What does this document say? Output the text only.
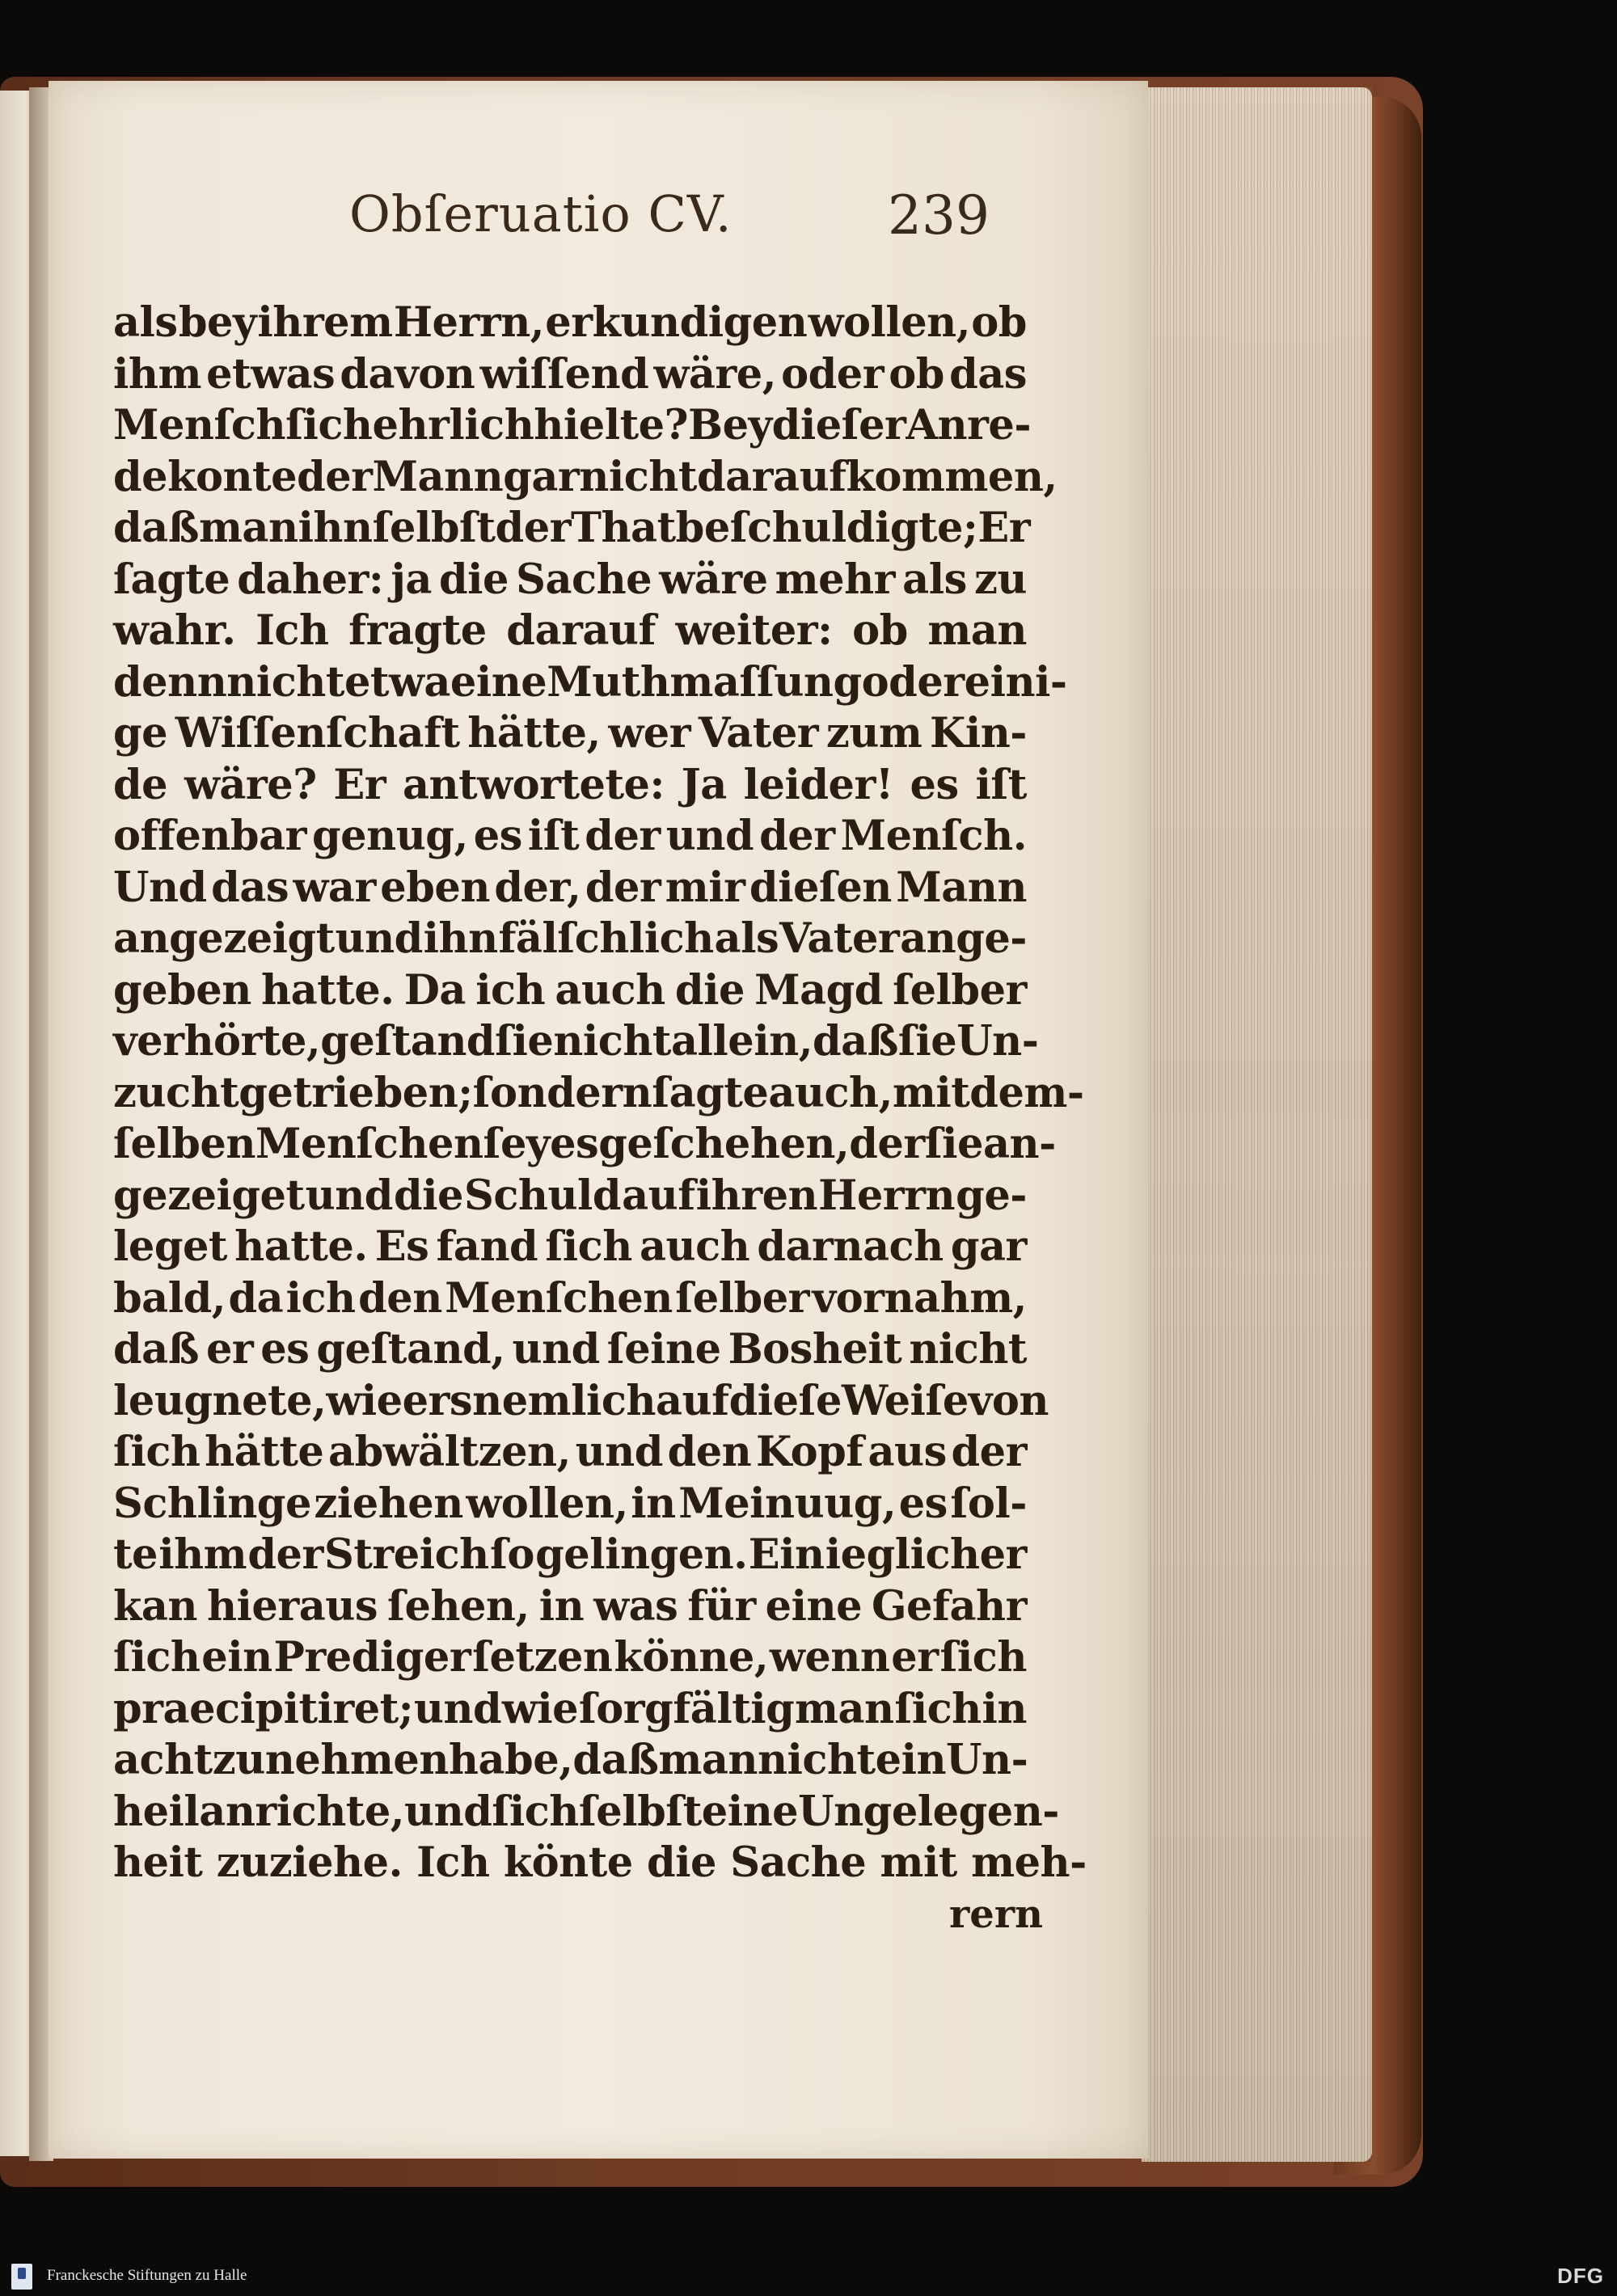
Obſeruatio CV.	239
als bey ihrem Herrn, erkundigen wollen, ob
ihm etwas davon wiſſend wäre, oder ob das
Menſch ſich ehrlich hielte? Bey dieſer Anre-
de konte der Mann gar nicht darauf kommen,
daß man ihn ſelbſt der That beſchuldigte; Er
ſagte daher: ja die Sache wäre mehr als zu
wahr. Ich fragte darauf weiter: ob man
denn nicht etwa eine Muthmaſſung oder eini-
ge Wiſſenſchaft hätte, wer Vater zum Kin-
de wäre? Er antwortete: Ja leider! es iſt
offenbar genug, es iſt der und der Menſch.
Und das war eben der, der mir dieſen Mann
angezeigt und ihn fälſchlich als Vater ange-
geben hatte. Da ich auch die Magd ſelber
verhörte, geſtand ſie nicht allein, daß ſie Un-
zucht getrieben; ſondern ſagte auch, mit dem-
ſelben Menſchen ſey es geſchehen, der ſie an-
gezeiget und die Schuld auf ihren Herrn ge-
leget hatte. Es fand ſich auch darnach gar
bald, da ich den Menſchen ſelber vornahm,
daß er es geſtand, und ſeine Bosheit nicht
leugnete, wie ers nemlich auf dieſe Weiſe von
ſich hätte abwältzen, und den Kopf aus der
Schlinge ziehen wollen, in Meinuug, es ſol-
te ihm der Streich ſo gelingen. Ein ieglicher
kan hieraus ſehen, in was für eine Gefahr
ſich ein Prediger ſetzen könne, wenn er ſich
praecipitiret; und wie ſorgfältig man ſich in
acht zu nehmen habe, daß man nicht ein Un-
heil anrichte, und ſich ſelbſt eine Ungelegen-
heit zuziehe. Ich könte die Sache mit meh-
rern
Franckesche Stiftungen zu Halle	DFG
